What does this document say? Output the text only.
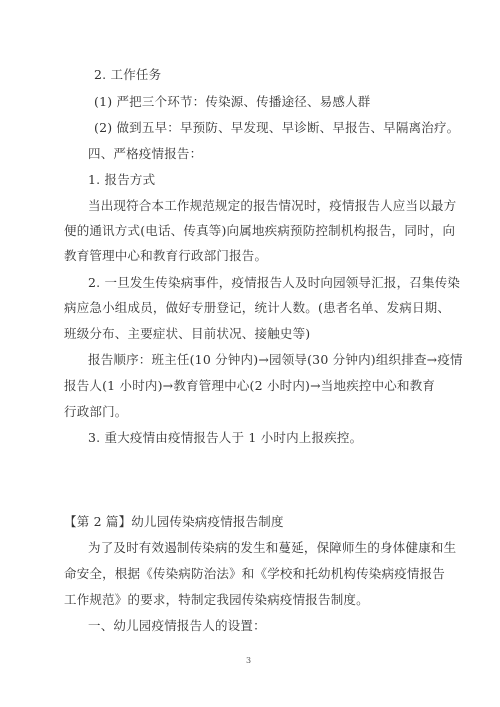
2. 工作任务
(1) 严把三个环节：传染源、传播途径、易感人群
(2) 做到五早：早预防、早发现、早诊断、早报告、早隔离治疗。
四、严格疫情报告：
1. 报告方式
当出现符合本工作规范规定的报告情况时，疫情报告人应当以最方
便的通讯方式(电话、传真等)向属地疾病预防控制机构报告，同时，向
教育管理中心和教育行政部门报告。
2. 一旦发生传染病事件，疫情报告人及时向园领导汇报，召集传染
病应急小组成员，做好专册登记，统计人数。(患者名单、发病日期、
班级分布、主要症状、目前状况、接触史等)
报告顺序：班主任(10 分钟内)→园领导(30 分钟内)组织排查→疫情
报告人(1 小时内)→教育管理中心(2 小时内)→当地疾控中心和教育
行政部门。
3. 重大疫情由疫情报告人于 1 小时内上报疾控。
【第 2 篇】幼儿园传染病疫情报告制度
为了及时有效遏制传染病的发生和蔓延，保障师生的身体健康和生
命安全，根据《传染病防治法》和《学校和托幼机构传染病疫情报告
工作规范》的要求，特制定我园传染病疫情报告制度。
一、幼儿园疫情报告人的设置：
3
